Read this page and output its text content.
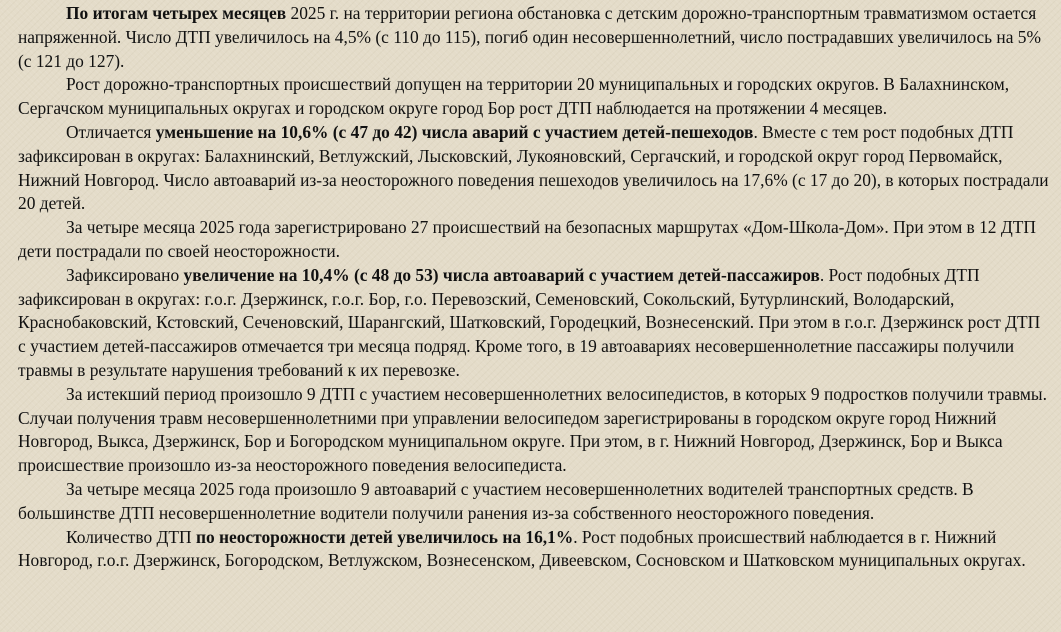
По итогам четырех месяцев 2025 г. на территории региона обстановка с детским дорожно-транспортным травматизмом остается напряженной. Число ДТП увеличилось на 4,5% (с 110 до 115), погиб один несовершеннолетний, число пострадавших увеличилось на 5% (с 121 до 127).

Рост дорожно-транспортных происшествий допущен на территории 20 муниципальных и городских округов. В Балахнинском, Сергачском муниципальных округах и городском округе город Бор рост ДТП наблюдается на протяжении 4 месяцев.

Отличается уменьшение на 10,6% (с 47 до 42) числа аварий с участием детей-пешеходов. Вместе с тем рост подобных ДТП зафиксирован в округах: Балахнинский, Ветлужский, Лысковский, Лукояновский, Сергачский, и городской округ город Первомайск, Нижний Новгород. Число автоаварий из-за неосторожного поведения пешеходов увеличилось на 17,6% (с 17 до 20), в которых пострадали 20 детей.

За четыре месяца 2025 года зарегистрировано 27 происшествий на безопасных маршрутах «Дом-Школа-Дом». При этом в 12 ДТП дети пострадали по своей неосторожности.

Зафиксировано увеличение на 10,4% (с 48 до 53) числа автоаварий с участием детей-пассажиров. Рост подобных ДТП зафиксирован в округах: г.о.г. Дзержинск, г.о.г. Бор, г.о. Перевозский, Семеновский, Сокольский, Бутурлинский, Володарский, Краснобаковский, Кстовский, Сеченовский, Шарангский, Шатковский, Городецкий, Вознесенский. При этом в г.о.г. Дзержинск рост ДТП с участием детей-пассажиров отмечается три месяца подряд. Кроме того, в 19 автоавариях несовершеннолетние пассажиры получили травмы в результате нарушения требований к их перевозке.

За истекший период произошло 9 ДТП с участием несовершеннолетних велосипедистов, в которых 9 подростков получили травмы. Случаи получения травм несовершеннолетними при управлении велосипедом зарегистрированы в городском округе город Нижний Новгород, Выкса, Дзержинск, Бор и Богородском муниципальном округе. При этом, в г. Нижний Новгород, Дзержинск, Бор и Выкса происшествие произошло из-за неосторожного поведения велосипедиста.

За четыре месяца 2025 года произошло 9 автоаварий с участием несовершеннолетних водителей транспортных средств. В большинстве ДТП несовершеннолетние водители получили ранения из-за собственного неосторожного поведения.

Количество ДТП по неосторожности детей увеличилось на 16,1%. Рост подобных происшествий наблюдается в г. Нижний Новгород, г.о.г. Дзержинск, Богородском, Ветлужском, Вознесенском, Дивеевском, Сосновском и Шатковском муниципальных округах.
